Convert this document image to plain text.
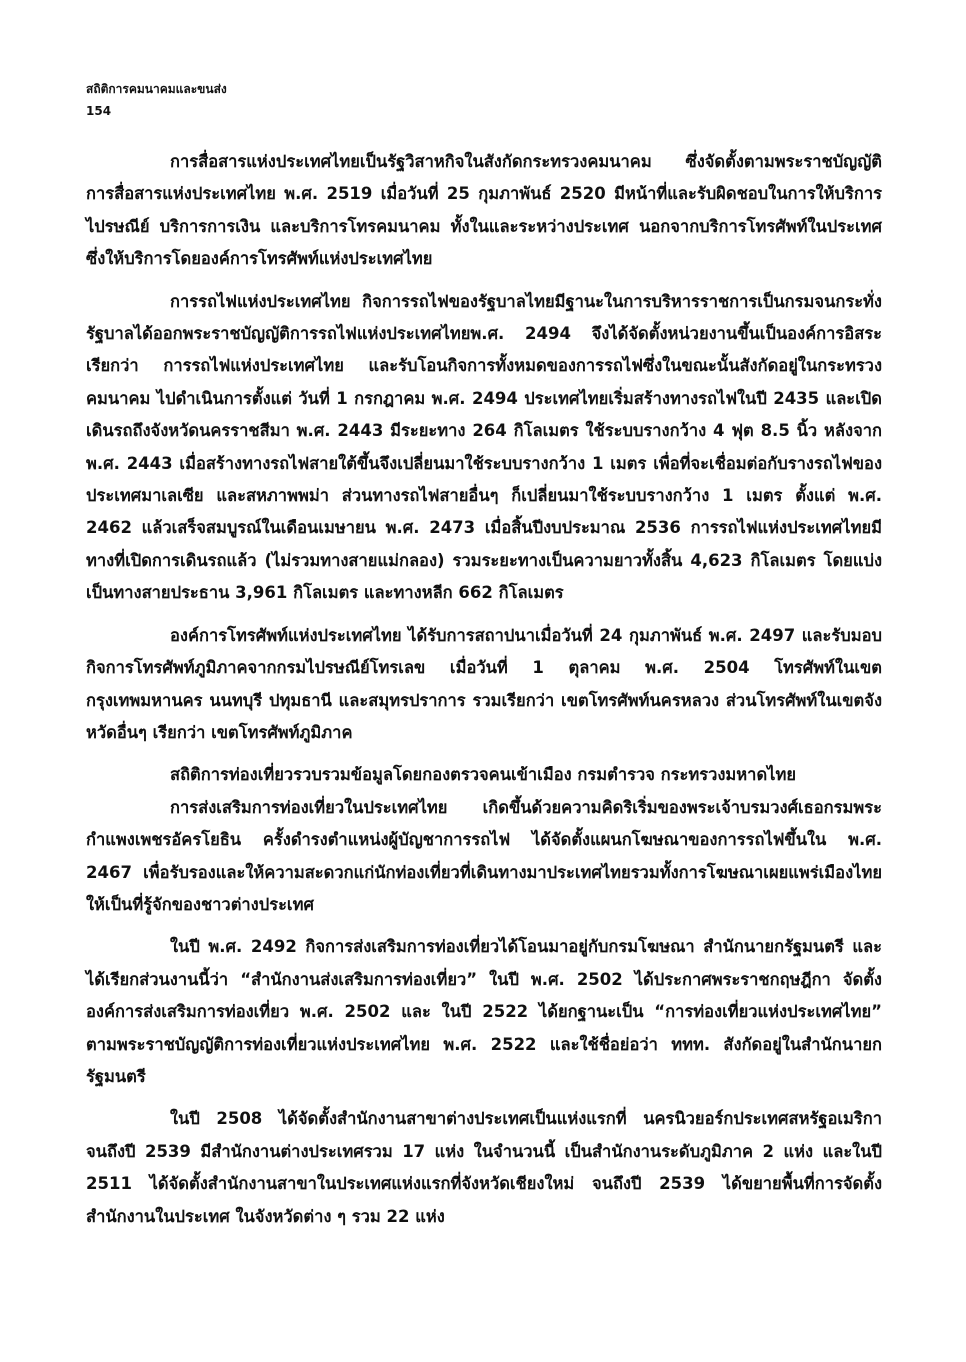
สถิติการคมนาคมและขนส่ง
154

การสื่อสารแห่งประเทศไทยเป็นรัฐวิสาหกิจในสังกัดกระทรวงคมนาคม ซึ่งจัดตั้งตามพระราชบัญญัติการสื่อสารแห่งประเทศไทย พ.ศ. 2519 เมื่อวันที่ 25 กุมภาพันธ์ 2520 มีหน้าที่และรับผิดชอบในการให้บริการไปรษณีย์ บริการการเงิน และบริการโทรคมนาคม ทั้งในและระหว่างประเทศ นอกจากบริการโทรศัพท์ในประเทศ ซึ่งให้บริการโดยองค์การโทรศัพท์แห่งประเทศไทย

การรถไฟแห่งประเทศไทย กิจการรถไฟของรัฐบาลไทยมีฐานะในการบริหารราชการเป็นกรมจนกระทั่งรัฐบาลได้ออกพระราชบัญญัติการรถไฟแห่งประเทศไทยพ.ศ. 2494 จึงได้จัดตั้งหน่วยงานขึ้นเป็นองค์การอิสระ เรียกว่า การรถไฟแห่งประเทศไทย และรับโอนกิจการทั้งหมดของการรถไฟซึ่งในขณะนั้นสังกัดอยู่ในกระทรวงคมนาคม ไปดำเนินการตั้งแต่ วันที่ 1 กรกฎาคม พ.ศ. 2494 ประเทศไทยเริ่มสร้างทางรถไฟในปี 2435 และเปิดเดินรถถึงจังหวัดนครราชสีมา พ.ศ. 2443 มีระยะทาง 264 กิโลเมตร ใช้ระบบรางกว้าง 4 ฟุต 8.5 นิ้ว หลังจาก พ.ศ. 2443 เมื่อสร้างทางรถไฟสายใต้ขึ้นจึงเปลี่ยนมาใช้ระบบรางกว้าง 1 เมตร เพื่อที่จะเชื่อมต่อกับรางรถไฟของประเทศมาเลเซีย และสหภาพพม่า ส่วนทางรถไฟสายอื่นๆ ก็เปลี่ยนมาใช้ระบบรางกว้าง 1 เมตร ตั้งแต่ พ.ศ. 2462 แล้วเสร็จสมบูรณ์ในเดือนเมษายน พ.ศ. 2473 เมื่อสิ้นปีงบประมาณ 2536 การรถไฟแห่งประเทศไทยมีทางที่เปิดการเดินรถแล้ว (ไม่รวมทางสายแม่กลอง) รวมระยะทางเป็นความยาวทั้งสิ้น 4,623 กิโลเมตร โดยแบ่งเป็นทางสายประธาน 3,961 กิโลเมตร และทางหลีก 662 กิโลเมตร

องค์การโทรศัพท์แห่งประเทศไทย ได้รับการสถาปนาเมื่อวันที่ 24 กุมภาพันธ์ พ.ศ. 2497 และรับมอบกิจการโทรศัพท์ภูมิภาคจากกรมไปรษณีย์โทรเลข เมื่อวันที่ 1 ตุลาคม พ.ศ. 2504 โทรศัพท์ในเขตกรุงเทพมหานคร นนทบุรี ปทุมธานี และสมุทรปราการ รวมเรียกว่า เขตโทรศัพท์นครหลวง ส่วนโทรศัพท์ในเขตจังหวัดอื่นๆ เรียกว่า เขตโทรศัพท์ภูมิภาค

สถิติการท่องเที่ยวรวบรวมข้อมูลโดยกองตรวจคนเข้าเมือง กรมตำรวจ กระทรวงมหาดไทย

การส่งเสริมการท่องเที่ยวในประเทศไทย เกิดขึ้นด้วยความคิดริเริ่มของพระเจ้าบรมวงศ์เธอกรมพระกำแพงเพชรอัครโยธิน ครั้งดำรงตำแหน่งผู้บัญชาการรถไฟ ได้จัดตั้งแผนกโฆษณาของการรถไฟขึ้นใน พ.ศ. 2467 เพื่อรับรองและให้ความสะดวกแก่นักท่องเที่ยวที่เดินทางมาประเทศไทยรวมทั้งการโฆษณาเผยแพร่เมืองไทยให้เป็นที่รู้จักของชาวต่างประเทศ

ในปี พ.ศ. 2492 กิจการส่งเสริมการท่องเที่ยวได้โอนมาอยู่กับกรมโฆษณา สำนักนายกรัฐมนตรี และได้เรียกส่วนงานนี้ว่า “สำนักงานส่งเสริมการท่องเที่ยว” ในปี พ.ศ. 2502 ได้ประกาศพระราชกฤษฎีกา จัดตั้งองค์การส่งเสริมการท่องเที่ยว พ.ศ. 2502 และ ในปี 2522 ได้ยกฐานะเป็น “การท่องเที่ยวแห่งประเทศไทย” ตามพระราชบัญญัติการท่องเที่ยวแห่งประเทศไทย พ.ศ. 2522 และใช้ชื่อย่อว่า ททท. สังกัดอยู่ในสำนักนายกรัฐมนตรี

ในปี 2508 ได้จัดตั้งสำนักงานสาขาต่างประเทศเป็นแห่งแรกที่ นครนิวยอร์กประเทศสหรัฐอเมริกา จนถึงปี 2539 มีสำนักงานต่างประเทศรวม 17 แห่ง ในจำนวนนี้ เป็นสำนักงานระดับภูมิภาค 2 แห่ง และในปี 2511 ได้จัดตั้งสำนักงานสาขาในประเทศแห่งแรกที่จังหวัดเชียงใหม่ จนถึงปี 2539 ได้ขยายพื้นที่การจัดตั้งสำนักงานในประเทศ ในจังหวัดต่าง ๆ รวม 22 แห่ง
